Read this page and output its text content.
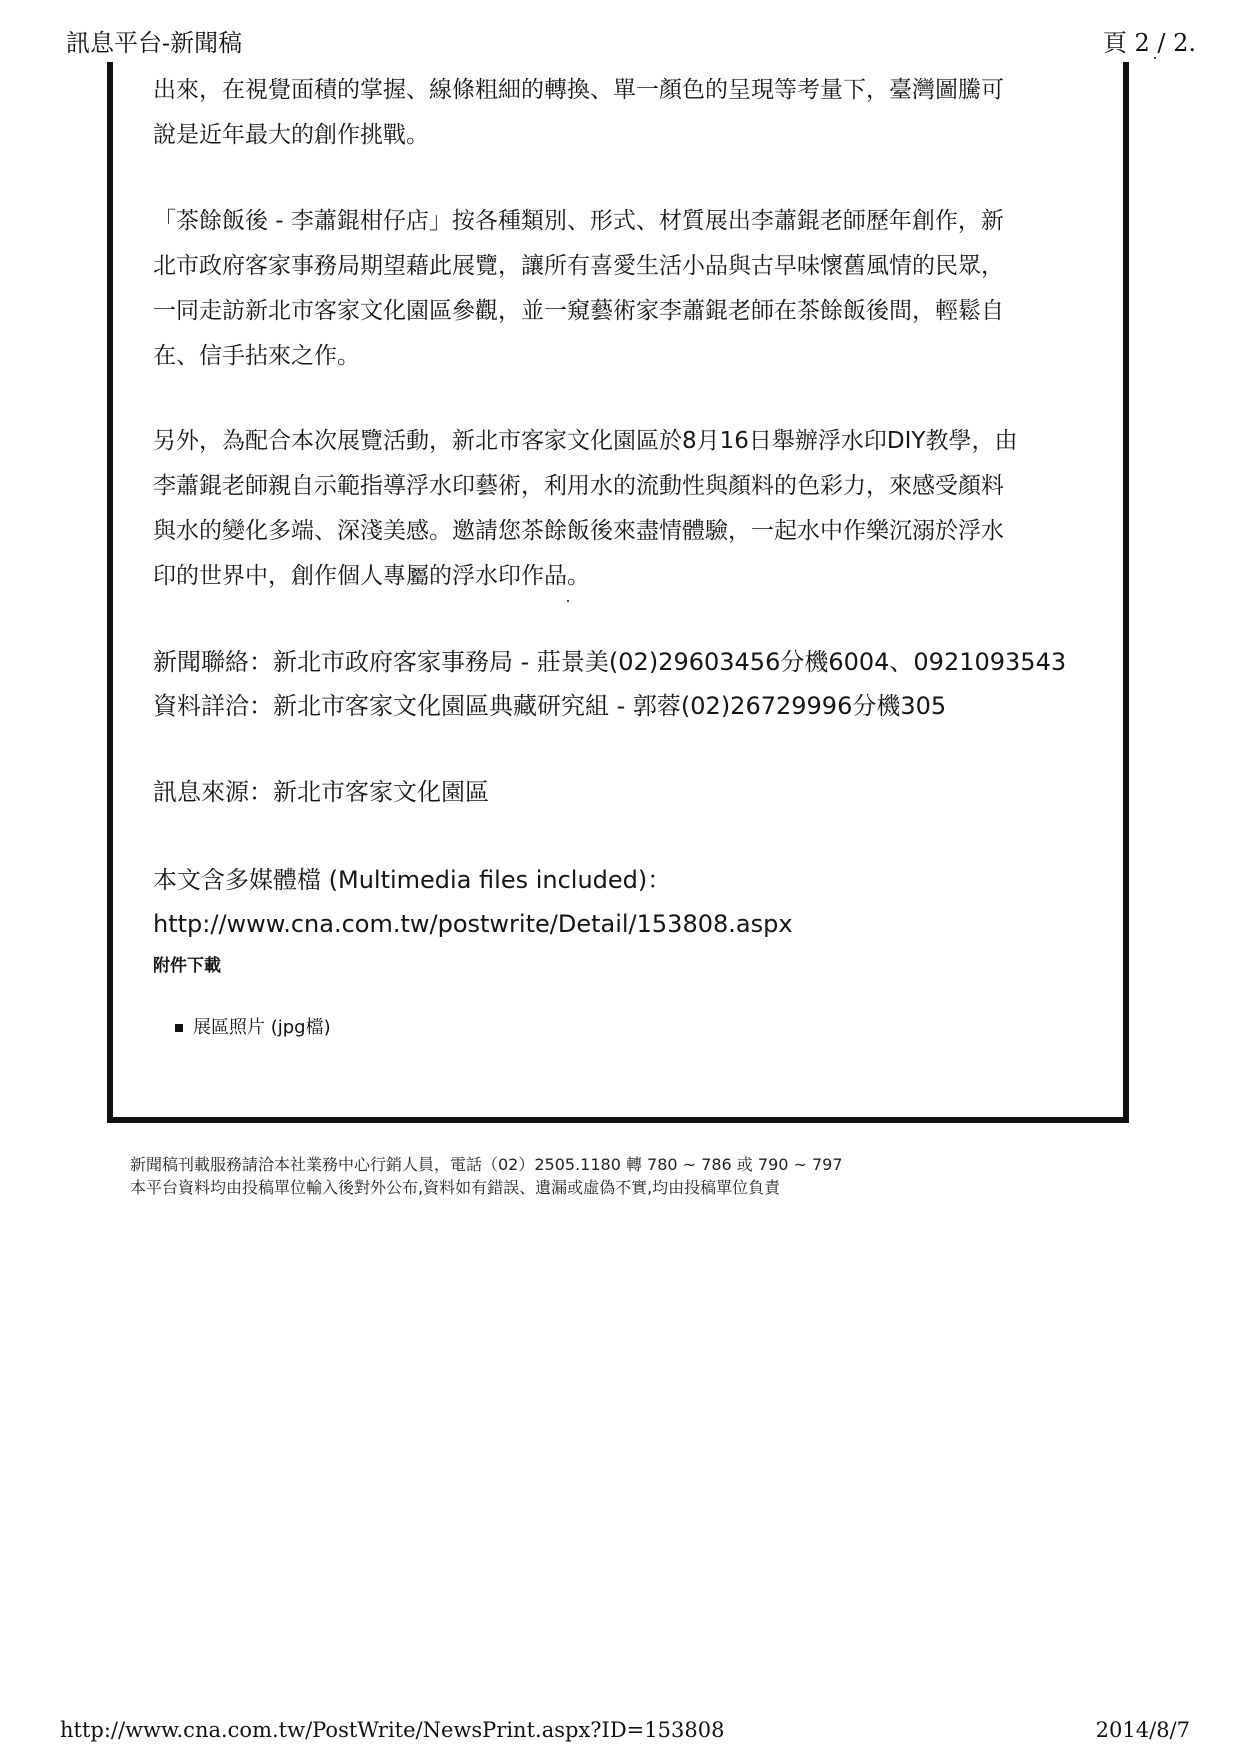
訊息平台-新聞稿	頁 2 / 2.
出來，在視覺面積的掌握、線條粗細的轉換、單一顏色的呈現等考量下，臺灣圖騰可
說是近年最大的創作挑戰。
「茶餘飯後 - 李蕭錕柑仔店」按各種類別、形式、材質展出李蕭錕老師歷年創作，新
北市政府客家事務局期望藉此展覽，讓所有喜愛生活小品與古早味懷舊風情的民眾，
一同走訪新北市客家文化園區參觀，並一窺藝術家李蕭錕老師在茶餘飯後間，輕鬆自
在、信手拈來之作。
另外，為配合本次展覽活動，新北市客家文化園區於8月16日舉辦浮水印DIY教學，由
李蕭錕老師親自示範指導浮水印藝術，利用水的流動性與顏料的色彩力，來感受顏料
與水的變化多端、深淺美感。邀請您茶餘飯後來盡情體驗，一起水中作樂沉溺於浮水
印的世界中，創作個人專屬的浮水印作品。
新聞聯絡：新北市政府客家事務局 - 莊景美(02)29603456分機6004、0921093543
資料詳洽：新北市客家文化園區典藏研究組 - 郭蓉(02)26729996分機305
訊息來源：新北市客家文化園區
本文含多媒體檔 (Multimedia files included)：
http://www.cna.com.tw/postwrite/Detail/153808.aspx
附件下載
展區照片 (jpg檔)
新聞稿刊載服務請洽本社業務中心行銷人員，電話（02）2505.1180 轉 780 ~ 786 或 790 ~ 797
本平台資料均由投稿單位輸入後對外公布,資料如有錯誤、遺漏或虛偽不實,均由投稿單位負責
http://www.cna.com.tw/PostWrite/NewsPrint.aspx?ID=153808	2014/8/7
